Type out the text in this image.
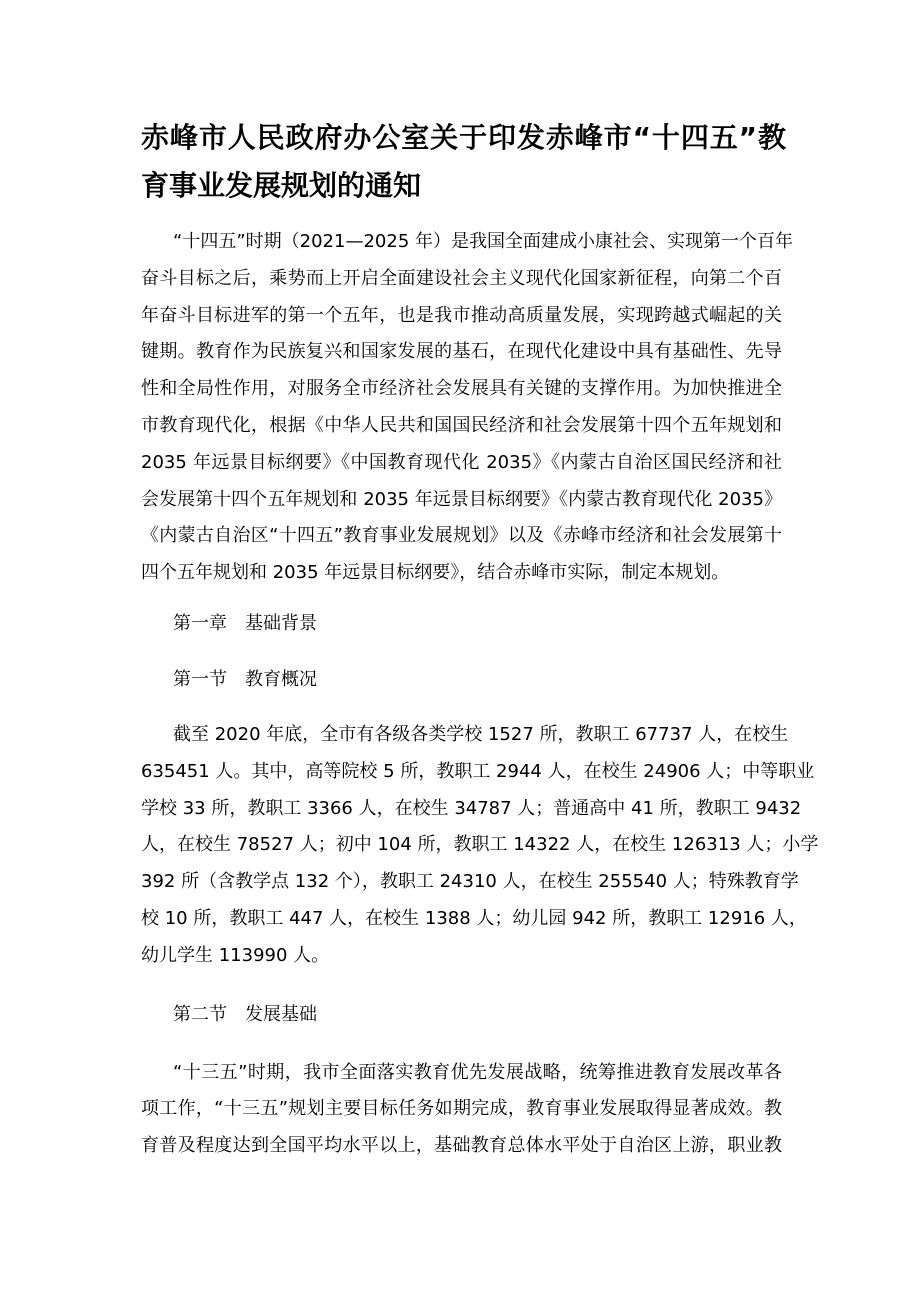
赤峰市人民政府办公室关于印发赤峰市“十四五”教
育事业发展规划的通知
“十四五”时期（2021—2025 年）是我国全面建成小康社会、实现第一个百年
奋斗目标之后，乘势而上开启全面建设社会主义现代化国家新征程，向第二个百
年奋斗目标进军的第一个五年，也是我市推动高质量发展，实现跨越式崛起的关
键期。教育作为民族复兴和国家发展的基石，在现代化建设中具有基础性、先导
性和全局性作用，对服务全市经济社会发展具有关键的支撑作用。为加快推进全
市教育现代化，根据《中华人民共和国国民经济和社会发展第十四个五年规划和
2035 年远景目标纲要》《中国教育现代化 2035》《内蒙古自治区国民经济和社
会发展第十四个五年规划和 2035 年远景目标纲要》《内蒙古教育现代化 2035》
《内蒙古自治区“十四五”教育事业发展规划》以及《赤峰市经济和社会发展第十
四个五年规划和 2035 年远景目标纲要》，结合赤峰市实际，制定本规划。
第一章　基础背景
第一节　教育概况
截至 2020 年底，全市有各级各类学校 1527 所，教职工 67737 人，在校生
635451 人。其中，高等院校 5 所，教职工 2944 人，在校生 24906 人；中等职业
学校 33 所，教职工 3366 人，在校生 34787 人；普通高中 41 所，教职工 9432
人，在校生 78527 人；初中 104 所，教职工 14322 人，在校生 126313 人；小学
392 所（含教学点 132 个），教职工 24310 人，在校生 255540 人；特殊教育学
校 10 所，教职工 447 人，在校生 1388 人；幼儿园 942 所，教职工 12916 人，
幼儿学生 113990 人。
第二节　发展基础
“十三五”时期，我市全面落实教育优先发展战略，统筹推进教育发展改革各
项工作，“十三五”规划主要目标任务如期完成，教育事业发展取得显著成效。教
育普及程度达到全国平均水平以上，基础教育总体水平处于自治区上游，职业教
